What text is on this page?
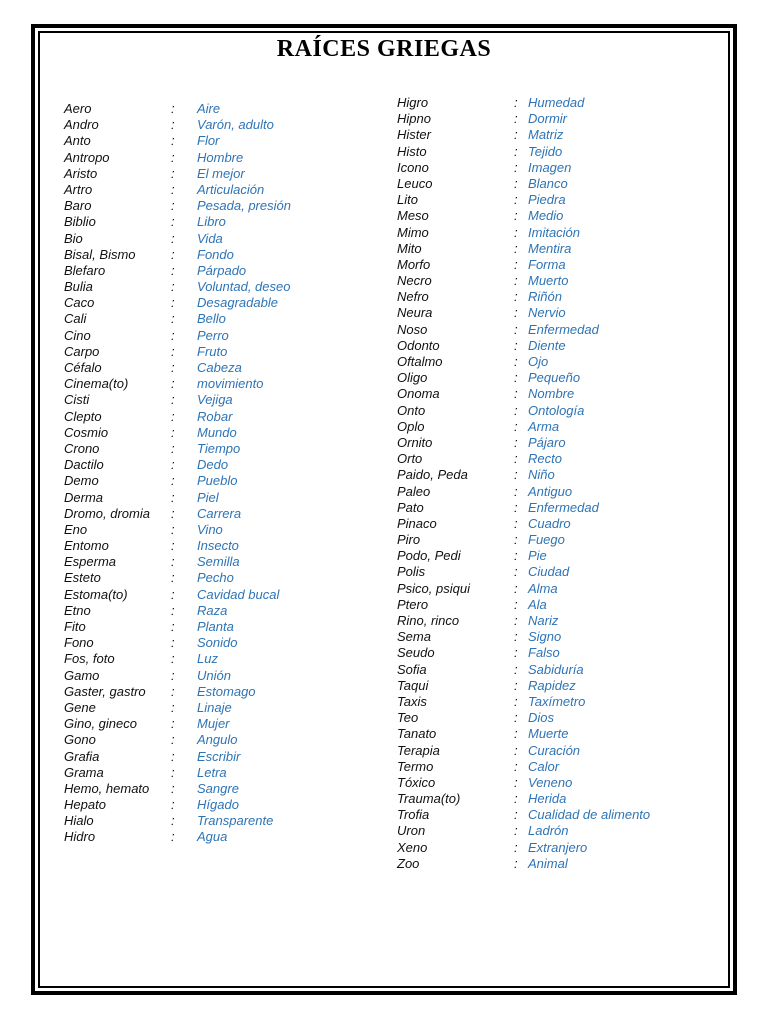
RAÍCES GRIEGAS
Aero	: Aire
Andro	: Varón, adulto
Anto	: Flor
Antropo	: Hombre
Aristo	: El mejor
Artro	: Articulación
Baro	: Pesada, presión
Biblio	: Libro
Bio	: Vida
Bisal, Bismo	: Fondo
Blefaro	: Párpado
Bulia	: Voluntad, deseo
Caco	: Desagradable
Cali	: Bello
Cino	: Perro
Carpo	: Fruto
Céfalo	: Cabeza
Cinema(to)	: movimiento
Cisti	: Vejiga
Clepto	: Robar
Cosmio	: Mundo
Crono	: Tiempo
Dactilo	: Dedo
Demo	: Pueblo
Derma	: Piel
Dromo, dromia : Carrera
Eno	: Vino
Entomo	: Insecto
Esperma	: Semilla
Esteto	: Pecho
Estoma(to)	: Cavidad bucal
Etno	: Raza
Fito	: Planta
Fono	: Sonido
Fos, foto	: Luz
Gamo	: Unión
Gaster, gastro : Estomago
Gene	: Linaje
Gino, gineco	: Mujer
Gono	: Angulo
Grafia	: Escribir
Grama	: Letra
Hemo, hemato : Sangre
Hepato	: Hígado
Hialo	: Transparente
Hidro	: Agua
Higro	: Humedad
Hipno	: Dormir
Hister	: Matriz
Histo	: Tejido
Icono	: Imagen
Leuco	: Blanco
Lito	: Piedra
Meso	: Medio
Mimo	: Imitación
Mito	: Mentira
Morfo	: Forma
Necro	: Muerto
Nefro	: Riñón
Neura	: Nervio
Noso	: Enfermedad
Odonto	: Diente
Oftalmo	: Ojo
Oligo	: Pequeño
Onoma	: Nombre
Onto	: Ontología
Oplo	: Arma
Ornito	: Pájaro
Orto	: Recto
Paido, Peda	: Niño
Paleo	: Antiguo
Pato	: Enfermedad
Pinaco	: Cuadro
Piro	: Fuego
Podo, Pedi	: Pie
Polis	: Ciudad
Psico, psiqui	: Alma
Ptero	: Ala
Rino, rinco	: Nariz
Sema	: Signo
Seudo	: Falso
Sofia	: Sabiduría
Taqui	: Rapidez
Taxis	: Taxímetro
Teo	: Dios
Tanato	: Muerte
Terapia	: Curación
Termo	: Calor
Tóxico	: Veneno
Trauma(to)	: Herida
Trofia	: Cualidad de alimento
Uron	: Ladrón
Xeno	: Extranjero
Zoo	: Animal
